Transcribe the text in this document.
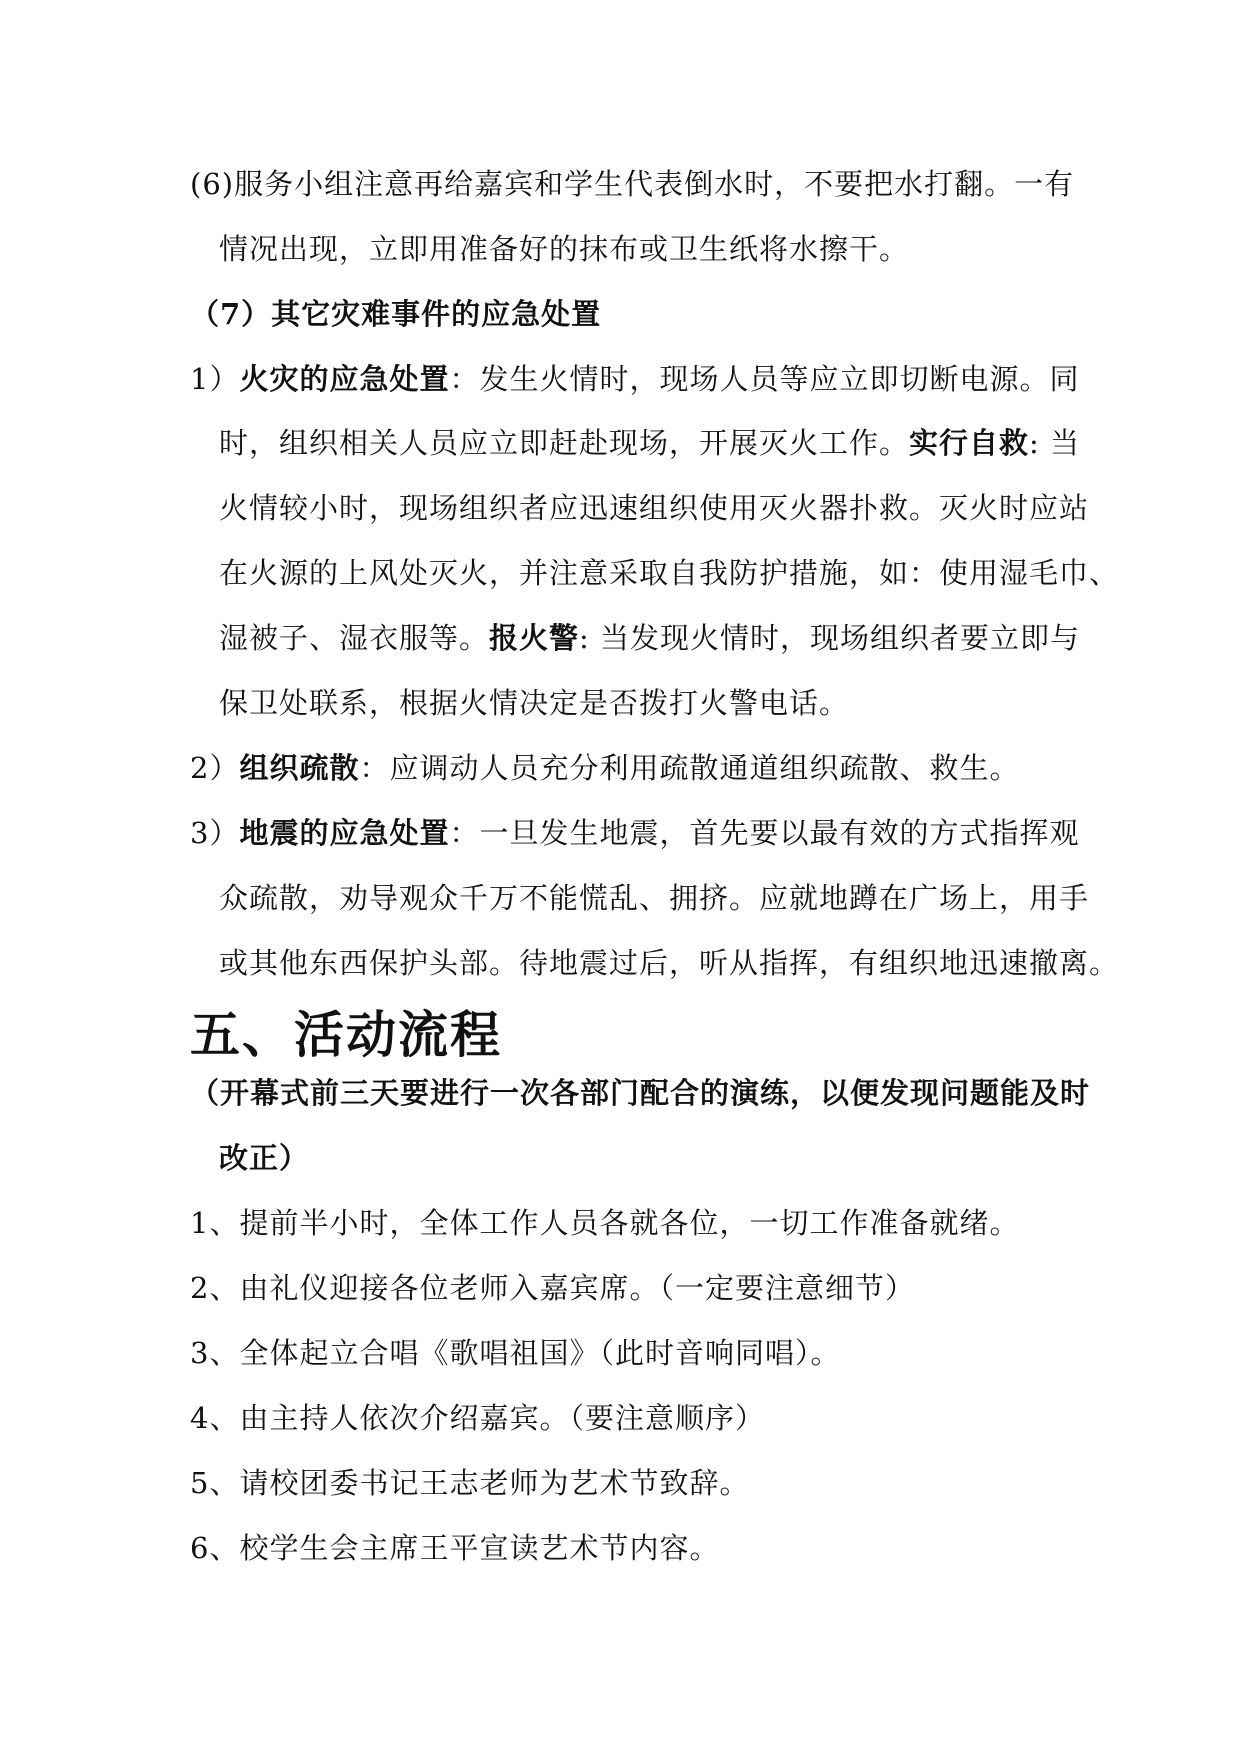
(6)服务小组注意再给嘉宾和学生代表倒水时，不要把水打翻。一有
情况出现，立即用准备好的抹布或卫生纸将水擦干。
（7）其它灾难事件的应急处置
1）火灾的应急处置：发生火情时，现场人员等应立即切断电源。同
时，组织相关人员应立即赶赴现场，开展灭火工作。实行自救: 当
火情较小时，现场组织者应迅速组织使用灭火器扑救。灭火时应站
在火源的上风处灭火，并注意采取自我防护措施，如：使用湿毛巾、
湿被子、湿衣服等。报火警: 当发现火情时，现场组织者要立即与
保卫处联系，根据火情决定是否拨打火警电话。
2）组织疏散：应调动人员充分利用疏散通道组织疏散、救生。
3）地震的应急处置：一旦发生地震，首先要以最有效的方式指挥观
众疏散，劝导观众千万不能慌乱、拥挤。应就地蹲在广场上，用手
或其他东西保护头部。待地震过后，听从指挥，有组织地迅速撤离。
五、活动流程
（开幕式前三天要进行一次各部门配合的演练，以便发现问题能及时
改正）
1、提前半小时，全体工作人员各就各位，一切工作准备就绪。
2、由礼仪迎接各位老师入嘉宾席。（一定要注意细节）
3、全体起立合唱《歌唱祖国》（此时音响同唱）。
4、由主持人依次介绍嘉宾。（要注意顺序）
5、请校团委书记王志老师为艺术节致辞。
6、校学生会主席王平宣读艺术节内容。
